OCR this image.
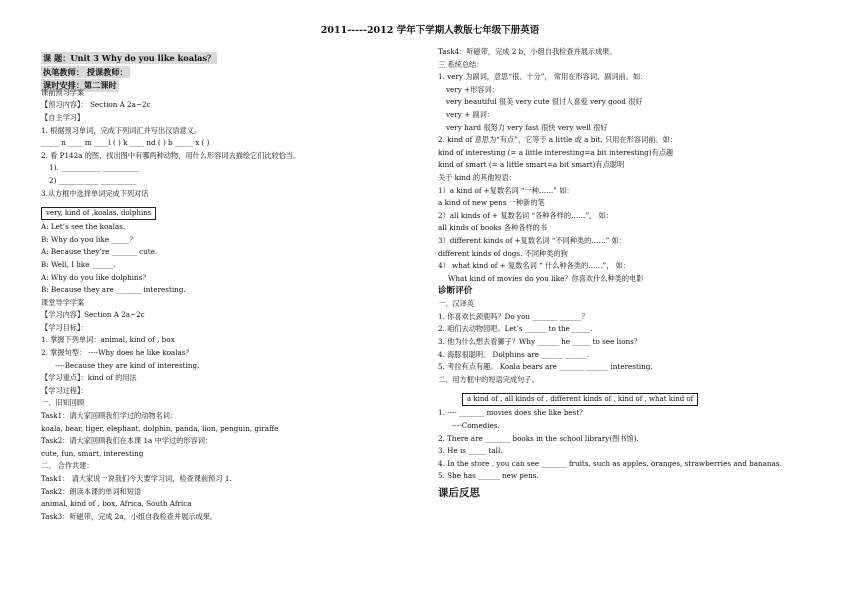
2011-----2012 学年下学期人教版七年级下册英语
课 题：Unit 3 Why do you like koalas？
执笔教师： 授课教师：
课时安排：第二课时
课前预习学案
【预习内容】： Section A 2a~2c
【自主学习】
1. 根据预习单词，完成下列词汇并写出汉语意义。
_____ n ____ m ____l ( ) k ____ nd ( ) b _____ x ( )
2. 看 P142a 的图，找出图中有哪两种动物，用什么形容词去描绘它们比较恰当。
1). ___________ __________
2) ___________ __________
3.从方框中选择单词完成下列对话
very, kind of ,koalas, dolphins
A: Let’s see the koalas.
B: Why do you like _____？
A: Because they’re _______ cute.
B: Well, I like ______.
A: Why do you like dolphins？
B: Because they are _______ interesting.
课堂导学学案
【学习内容】Section A 2a~2c
【学习目标】：
1. 掌握下列单词：animal, kind of , box
2. 掌握句型： ----Why does he like koalas？
----Because they are kind of interesting.
【学习重点】：kind of 的用法
【学习过程】：
一、旧知回顾
Task1：请大家回顾我们学过的动物名词：
koala, bear, tiger, elephant, dolphin, panda, lion, penguin, giraffe
Task2：请大家回顾我们在本课 1a 中学过的形容词：
cute, fun, smart, interesting
二、 合作共建：
Task1： 请大家说一说我们今天要学习词，检查课前预习 1.
Task2：朗读本课的单词和短语
animal, kind of , box, Africa, South Africa
Task3：听磁带，完成 2a，小组自我检查并展示成果。
Task4：听磁带，完成 2 b，小组自我检查并展示成果。
三 系统总结：
1. very 为副词，意思“很、十分”， 常用在形容词、副词前。如：
very +形容词：
very beautiful 很美 very cute 很讨人喜爱 very good 很好
very + 副词：
very hard 很努力 very fast 很快 very well 很好
2. kind of 意思为“有点”，它等于 a little 或 a bit, 只用在形容词前。如：
kind of interesting (= a little interesting=a bit interesting)有点趣
kind of smart (= a little smart=a bit smart)有点聪明
关于 kind 的其他短语：
1）a kind of +复数名词 “一种……” 如：
a kind of new pens 一种新的笔
2）all kinds of + 复数名词 “各种各样的……”， 如：
all kinds of books 各种各样的书
3）different kinds of +复数名词 “不同种类的……” 如：
different kinds of dogs. 不同种类的狗
4） what kind of + 复数名词 “ 什么种各类的……”， 如：
What kind of movies do you like？你喜欢什么种类的电影
诊断评价
一、汉译英
1. 你喜欢长颈鹿吗？Do you _______ ______？
2. 咱们去动物园吧。Let’s ______ to the _____.
3. 他为什么想去看狮子？Why ______ he _____ to see lions？
4. 海豚很聪明。 Dolphins are ______ ______.
5. 考拉有点有趣。 Koala bears are _______ ______ interesting.
二、用方框中的短语完成句子。
a kind of , all kinds of , different kinds of , kind of , what kind of
1. ---- _______ movies does she like best？
----Comedies.
2. There are _______ books in the school library(图书馆).
3. He is _____ tall.
4. In the store , you can see _______ fruits, such as apples, oranges, strawberries and bananas.
5. She has ______ new pens.
课后反思
